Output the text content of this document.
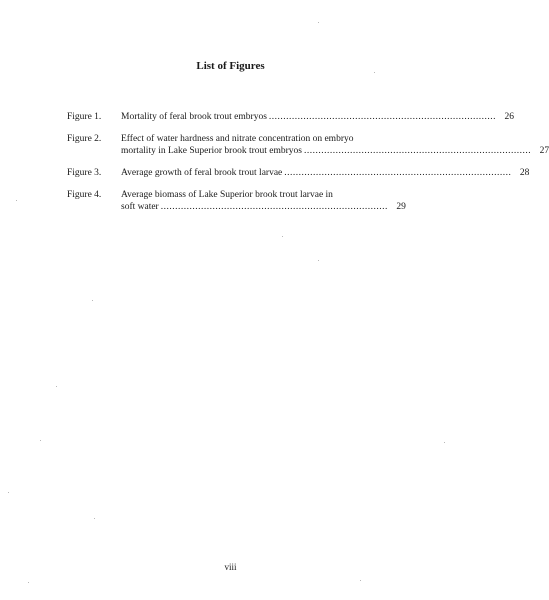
List of Figures
Figure 1.	Mortality of feral brook trout embryos ............................................................................... 26
Figure 2.	Effect of water hardness and nitrate concentration on embryo
mortality in Lake Superior brook trout embryos ............................................................................... 27
Figure 3.	Average growth of feral brook trout larvae ............................................................................... 28
Figure 4.	Average biomass of Lake Superior brook trout larvae in
soft water ............................................................................... 29
viii
